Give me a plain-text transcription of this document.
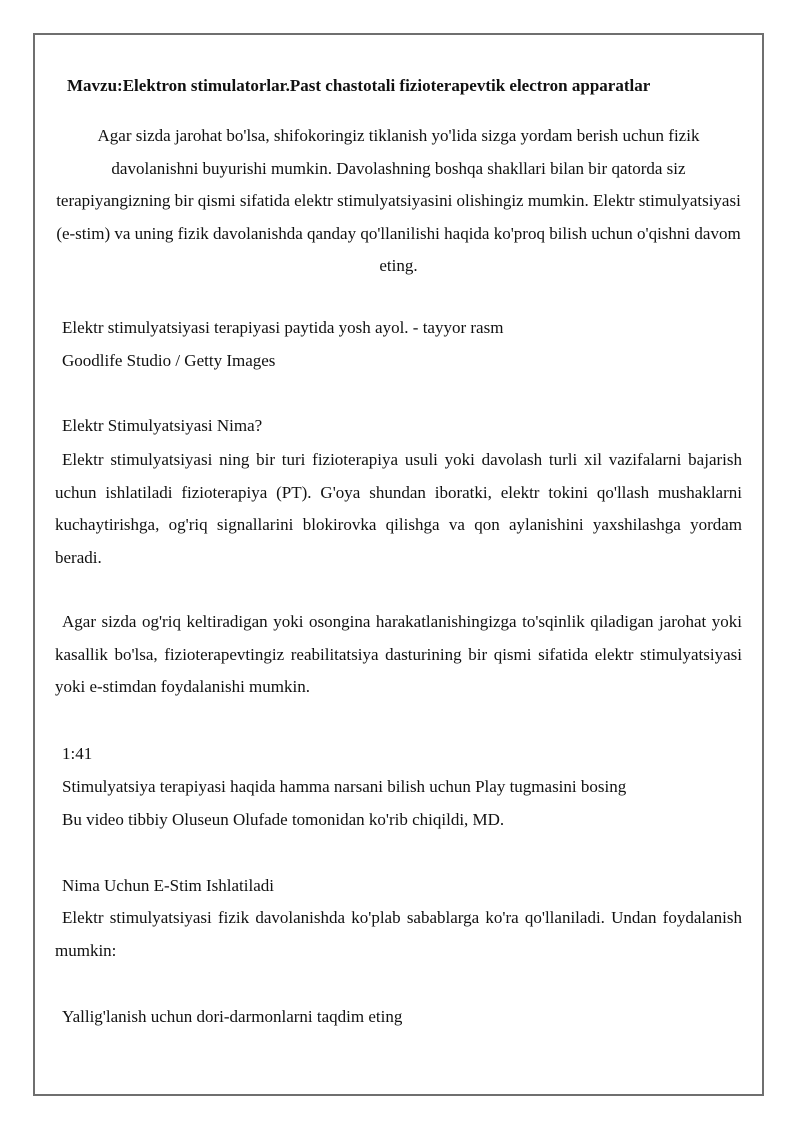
Mavzu:Elektron stimulatorlar.Past chastotali fizioterapevtik electron apparatlar

Agar sizda jarohat bo'lsa, shifokoringiz tiklanish yo'lida sizga yordam berish uchun fizik davolanishni buyurishi mumkin. Davolashning boshqa shakllari bilan bir qatorda siz terapiyangizning bir qismi sifatida elektr stimulyatsiyasini olishingiz mumkin. Elektr stimulyatsiyasi (e-stim) va uning fizik davolanishda qanday qo'llanilishi haqida ko'proq bilish uchun o'qishni davom eting.

Elektr stimulyatsiyasi terapiyasi paytida yosh ayol. - tayyor rasm

Goodlife Studio / Getty Images

Elektr Stimulyatsiyasi Nima?

Elektr stimulyatsiyasi ning bir turi fizioterapiya usuli yoki davolash turli xil vazifalarni bajarish uchun ishlatiladi fizioterapiya (PT). G'oya shundan iboratki, elektr tokini qo'llash mushaklarni kuchaytirishga, og'riq signallarini blokirovka qilishga va qon aylanishini yaxshilashga yordam beradi.

Agar sizda og'riq keltiradigan yoki osongina harakatlanishingizga to'sqinlik qiladigan jarohat yoki kasallik bo'lsa, fizioterapevtingiz reabilitatsiya dasturining bir qismi sifatida elektr stimulyatsiyasi yoki e-stimdan foydalanishi mumkin.

1:41

Stimulyatsiya terapiyasi haqida hamma narsani bilish uchun Play tugmasini bosing

Bu video tibbiy Oluseun Olufade tomonidan ko'rib chiqildi, MD.

Nima Uchun E-Stim Ishlatiladi

Elektr stimulyatsiyasi fizik davolanishda ko'plab sabablarga ko'ra qo'llaniladi. Undan foydalanish mumkin:

Yallig'lanish uchun dori-darmonlarni taqdim eting
